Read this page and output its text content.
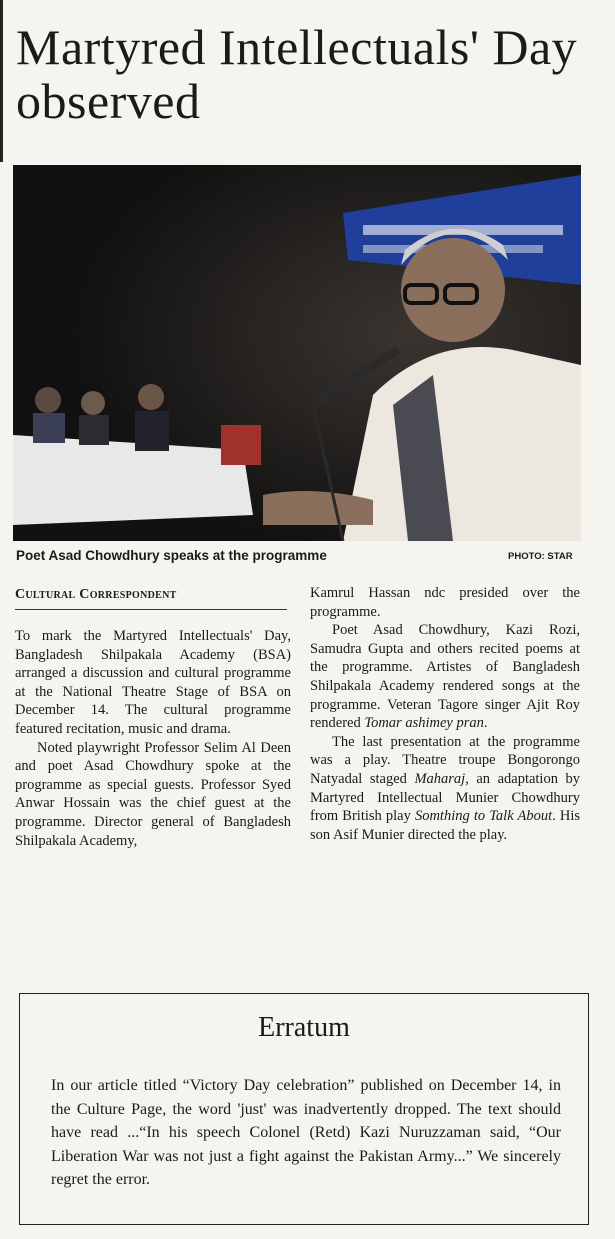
Martyred Intellectuals' Day observed
Poet Asad Chowdhury speaks at the programme	PHOTO: STAR
Cultural Correspondent

To mark the Martyred Intellectuals' Day, Bangladesh Shilpakala Academy (BSA) arranged a discussion and cultural programme at the National Theatre Stage of BSA on December 14. The cultural programme featured recitation, music and drama.

Noted playwright Professor Selim Al Deen and poet Asad Chowdhury spoke at the programme as special guests. Professor Syed Anwar Hossain was the chief guest at the programme. Director general of Bangladesh Shilpakala Academy,

Kamrul Hassan ndc presided over the programme.

Poet Asad Chowdhury, Kazi Rozi, Samudra Gupta and others recited poems at the programme. Artistes of Bangladesh Shilpakala Academy rendered songs at the programme. Veteran Tagore singer Ajit Roy rendered Tomar ashimey pran.

The last presentation at the programme was a play. Theatre troupe Bongorongo Natyadal staged Maharaj, an adaptation by Martyred Intellectual Munier Chowdhury from British play Somthing to Talk About. His son Asif Munier directed the play.

Erratum

In our article titled “Victory Day celebration” published on December 14, in the Culture Page, the word 'just' was inadvertently dropped. The text should have read ...“In his speech Colonel (Retd) Kazi Nuruzzaman said, “Our Liberation War was not just a fight against the Pakistan Army...” We sincerely regret the error.
